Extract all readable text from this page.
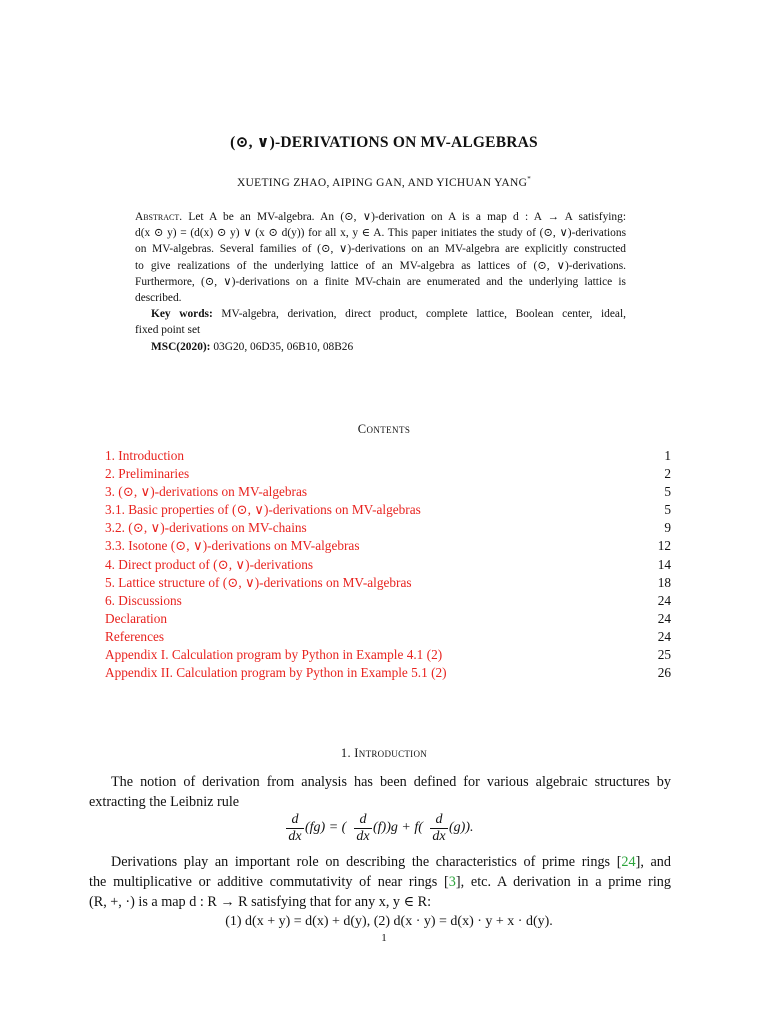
(⊙, ∨)-DERIVATIONS ON MV-ALGEBRAS
XUETING ZHAO, AIPING GAN, AND YICHUAN YANG*
Abstract. Let A be an MV-algebra. An (⊙, ∨)-derivation on A is a map d : A → A satisfying:
d(x ⊙ y) = (d(x) ⊙ y) ∨ (x ⊙ d(y)) for all x, y ∈ A. This paper initiates the study of (⊙, ∨)-derivations
on MV-algebras. Several families of (⊙, ∨)-derivations on an MV-algebra are explicitly constructed
to give realizations of the underlying lattice of an MV-algebra as lattices of (⊙, ∨)-derivations.
Furthermore, (⊙, ∨)-derivations on a finite MV-chain are enumerated and the underlying lattice is
described.
Key words: MV-algebra, derivation, direct product, complete lattice, Boolean center, ideal,
fixed point set
MSC(2020): 03G20, 06D35, 06B10, 08B26
Contents
1. Introduction	1
2. Preliminaries	2
3. (⊙, ∨)-derivations on MV-algebras	5
3.1. Basic properties of (⊙, ∨)-derivations on MV-algebras	5
3.2. (⊙, ∨)-derivations on MV-chains	9
3.3. Isotone (⊙, ∨)-derivations on MV-algebras	12
4. Direct product of (⊙, ∨)-derivations	14
5. Lattice structure of (⊙, ∨)-derivations on MV-algebras	18
6. Discussions	24
Declaration	24
References	24
Appendix I. Calculation program by Python in Example 4.1 (2)	25
Appendix II. Calculation program by Python in Example 5.1 (2)	26
1. Introduction
The notion of derivation from analysis has been defined for various algebraic structures by
extracting the Leibniz rule
$\frac{d}{dx} (fg)$ = ( $\frac{d}{dx} (f))g + f( \frac{d}{dx} (g))$.
Derivations play an important role on describing the characteristics of prime rings [24], and
the multiplicative or additive commutativity of near rings [3], etc. A derivation in a prime ring
(R, +, ·) is a map d : R → R satisfying that for any x, y ∈ R:
(1) d(x + y) = d(x) + d(y), (2) d(x · y) = d(x) · y + x · d(y).
1
